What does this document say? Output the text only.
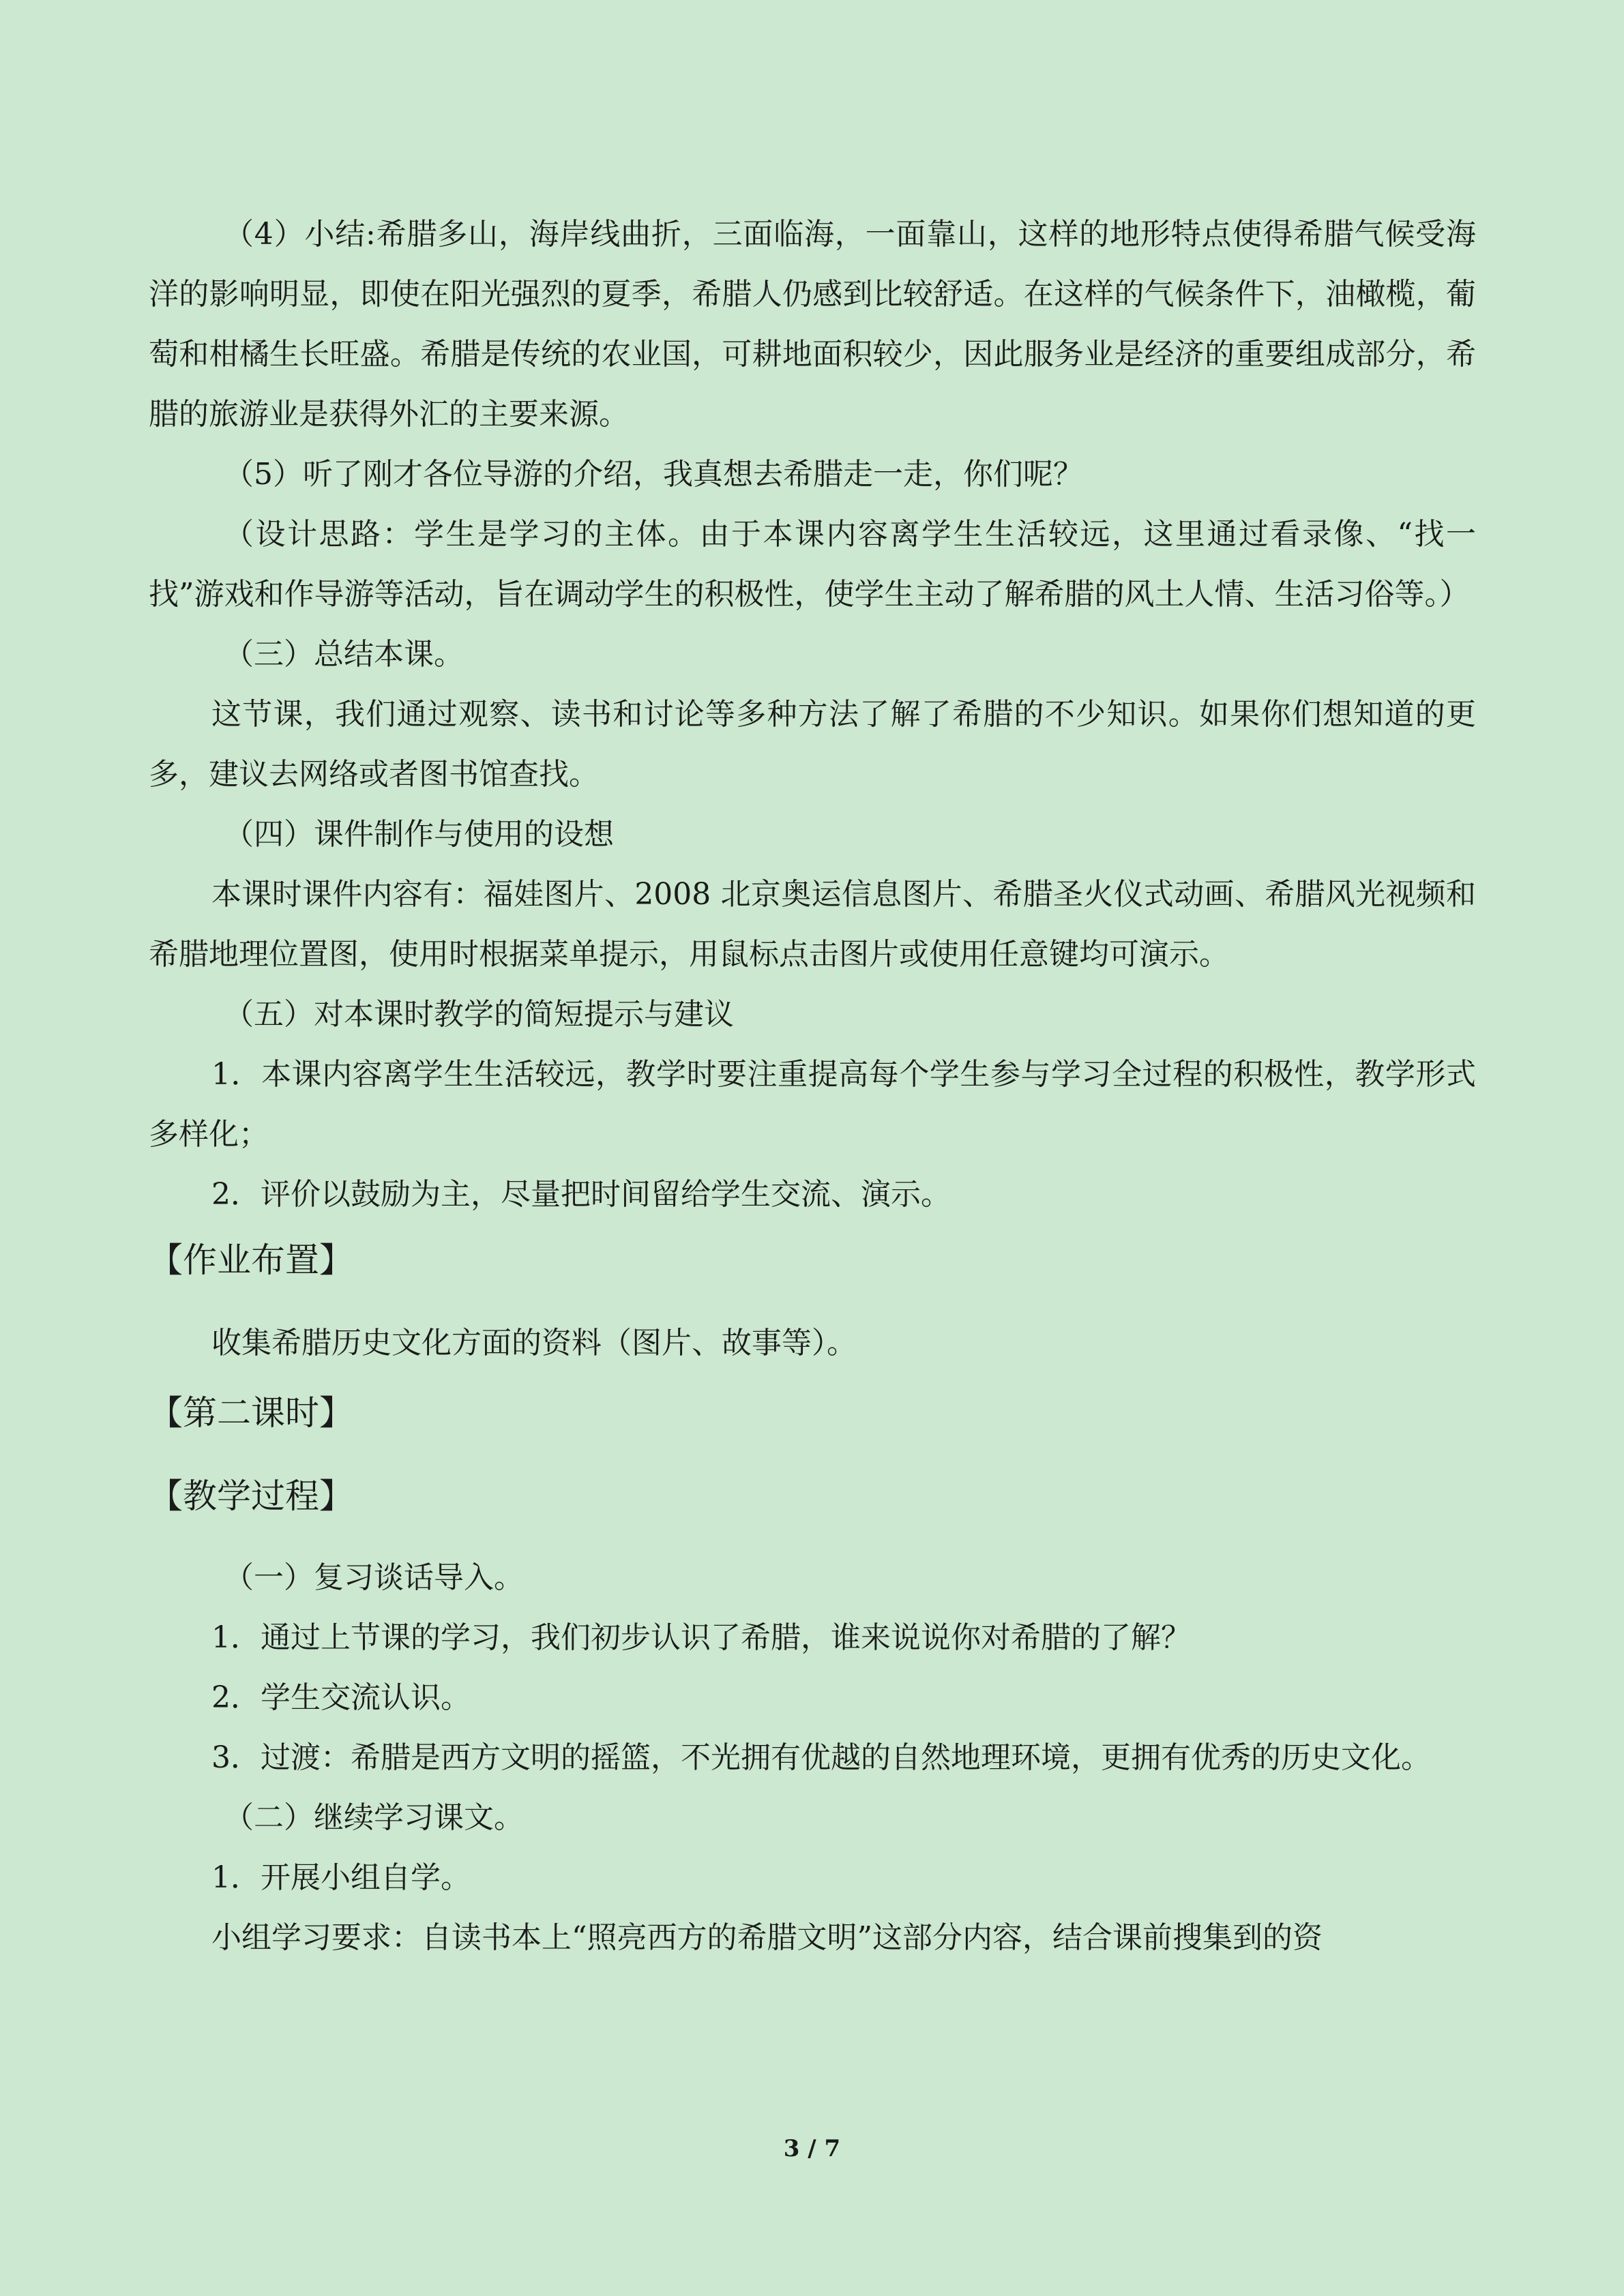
（4）小结:希腊多山，海岸线曲折，三面临海，一面靠山，这样的地形特点使得希腊气候受海洋的影响明显，即使在阳光强烈的夏季，希腊人仍感到比较舒适。在这样的气候条件下，油橄榄，葡萄和柑橘生长旺盛。希腊是传统的农业国，可耕地面积较少，因此服务业是经济的重要组成部分，希腊的旅游业是获得外汇的主要来源。

（5）听了刚才各位导游的介绍，我真想去希腊走一走，你们呢？

（设计思路：学生是学习的主体。由于本课内容离学生生活较远，这里通过看录像、“找一找”游戏和作导游等活动，旨在调动学生的积极性，使学生主动了解希腊的风土人情、生活习俗等。）

（三）总结本课。

这节课，我们通过观察、读书和讨论等多种方法了解了希腊的不少知识。如果你们想知道的更多，建议去网络或者图书馆查找。

（四）课件制作与使用的设想

本课时课件内容有：福娃图片、2008 北京奥运信息图片、希腊圣火仪式动画、希腊风光视频和希腊地理位置图，使用时根据菜单提示，用鼠标点击图片或使用任意键均可演示。

（五）对本课时教学的简短提示与建议

1．本课内容离学生生活较远，教学时要注重提高每个学生参与学习全过程的积极性，教学形式多样化；

2．评价以鼓励为主，尽量把时间留给学生交流、演示。

【作业布置】

收集希腊历史文化方面的资料（图片、故事等）。

【第二课时】
【教学过程】

（一）复习谈话导入。

1．通过上节课的学习，我们初步认识了希腊，谁来说说你对希腊的了解？

2．学生交流认识。

3．过渡：希腊是西方文明的摇篮，不光拥有优越的自然地理环境，更拥有优秀的历史文化。

（二）继续学习课文。

1．开展小组自学。

小组学习要求：自读书本上“照亮西方的希腊文明”这部分内容，结合课前搜集到的资

3 / 7
